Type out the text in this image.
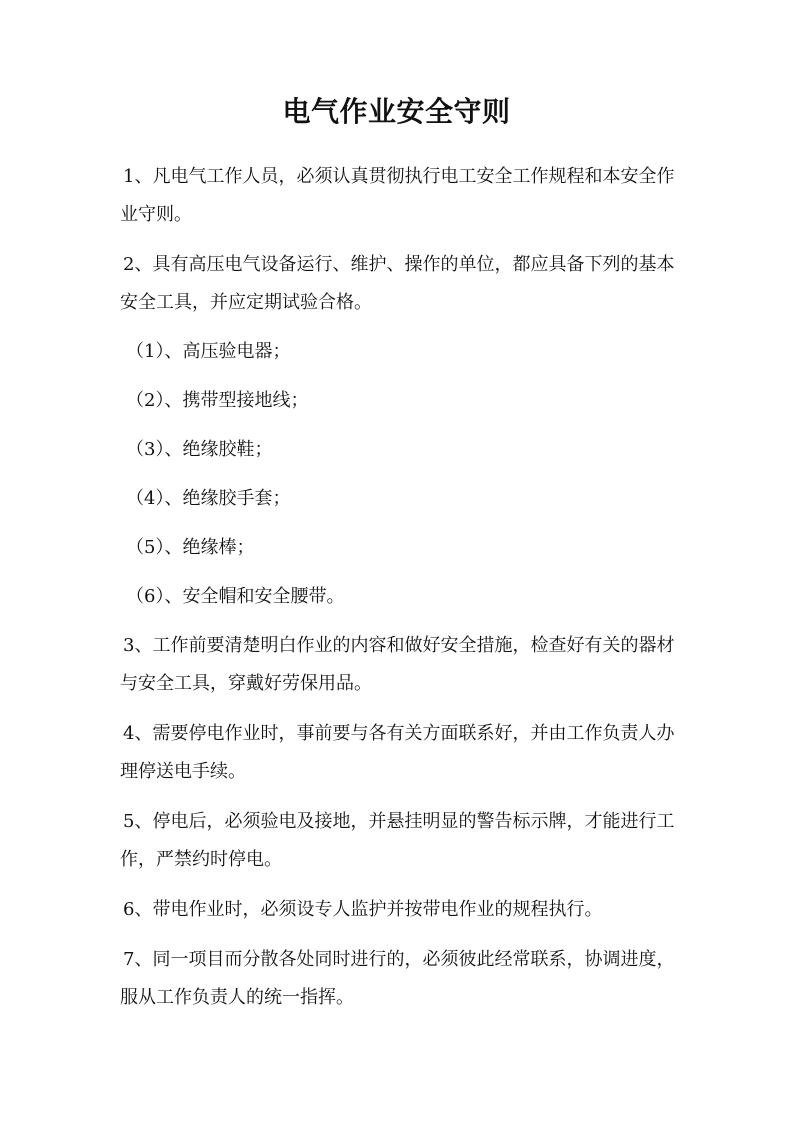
电气作业安全守则

1、凡电气工作人员，必须认真贯彻执行电工安全工作规程和本安全作业守则。

2、具有高压电气设备运行、维护、操作的单位，都应具备下列的基本安全工具，并应定期试验合格。

（1）、高压验电器；
（2）、携带型接地线；
（3）、绝缘胶鞋；
（4）、绝缘胶手套；
（5）、绝缘棒；
（6）、安全帽和安全腰带。

3、工作前要清楚明白作业的内容和做好安全措施，检查好有关的器材与安全工具，穿戴好劳保用品。

4、需要停电作业时，事前要与各有关方面联系好，并由工作负责人办理停送电手续。

5、停电后，必须验电及接地，并悬挂明显的警告标示牌，才能进行工作，严禁约时停电。

6、带电作业时，必须设专人监护并按带电作业的规程执行。

7、同一项目而分散各处同时进行的，必须彼此经常联系，协调进度，服从工作负责人的统一指挥。
